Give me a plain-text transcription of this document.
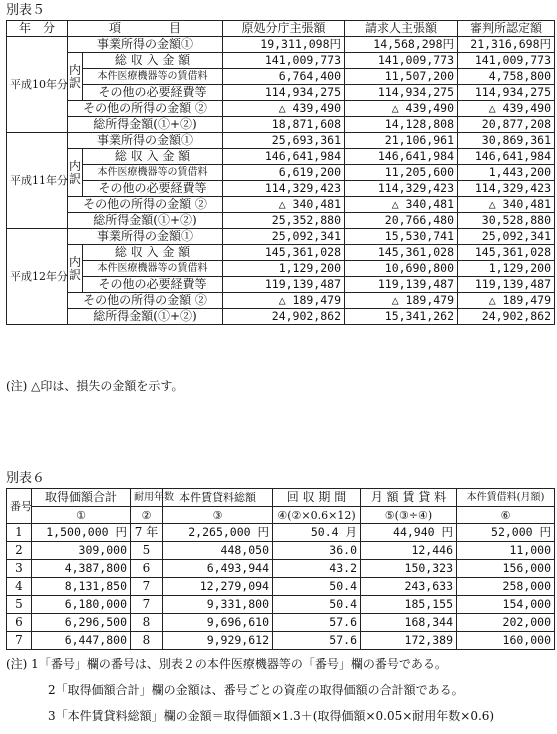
別表５
年　分	項　　　　目		原処分庁主張額	請求人主張額	審判所認定額
平成10年分	事業所得の金額①		19,311,098円	14,568,298円	21,316,698円
	内訳	総 収 入 金 額	141,009,773	141,009,773	141,009,773
		本件医療機器等の賃借料	6,764,400	11,507,200	4,758,800
		その他の必要経費等	114,934,275	114,934,275	114,934,275
	その他の所得の金額 ②		△ 439,490	△ 439,490	△ 439,490
	総所得金額(①+②)		18,871,608	14,128,808	20,877,208
平成11年分	事業所得の金額①		25,693,361	21,106,961	30,869,361
	内訳	総 収 入 金 額	146,641,984	146,641,984	146,641,984
		本件医療機器等の賃借料	6,619,200	11,205,600	1,443,200
		その他の必要経費等	114,329,423	114,329,423	114,329,423
	その他の所得の金額 ②		△ 340,481	△ 340,481	△ 340,481
	総所得金額(①+②)		25,352,880	20,766,480	30,528,880
平成12年分	事業所得の金額①		25,092,341	15,530,741	25,092,341
	内訳	総 収 入 金 額	145,361,028	145,361,028	145,361,028
		本件医療機器等の賃借料	1,129,200	10,690,800	1,129,200
		その他の必要経費等	119,139,487	119,139,487	119,139,487
	その他の所得の金額 ②		△ 189,479	△ 189,479	△ 189,479
	総所得金額(①+②)		24,902,862	15,341,262	24,902,862
(注) △印は、損失の金額を示す。
別表６
番号	取得価額合計	耐用年数	本件賃貸料総額	回 収 期 間	月 額 賃 貸 料	本件賃借料(月額)
	①	②	③	④(②×0.6×12)	⑤(③÷④)	⑥
1	1,500,000 円	7 年	2,265,000 円	50.4 月	44,940 円	52,000 円
2	309,000	5	448,050	36.0	12,446	11,000
3	4,387,800	6	6,493,944	43.2	150,323	156,000
4	8,131,850	7	12,279,094	50.4	243,633	258,000
5	6,180,000	7	9,331,800	50.4	185,155	154,000
6	6,296,500	8	9,696,610	57.6	168,344	202,000
7	6,447,800	8	9,929,612	57.6	172,389	160,000
(注) 1「番号」欄の番号は、別表２の本件医療機器等の「番号」欄の番号である。
2「取得価額合計」欄の金額は、番号ごとの資産の取得価額の合計額である。
3「本件賃貸料総額」欄の金額＝取得価額×1.3＋(取得価額×0.05×耐用年数×0.6)
